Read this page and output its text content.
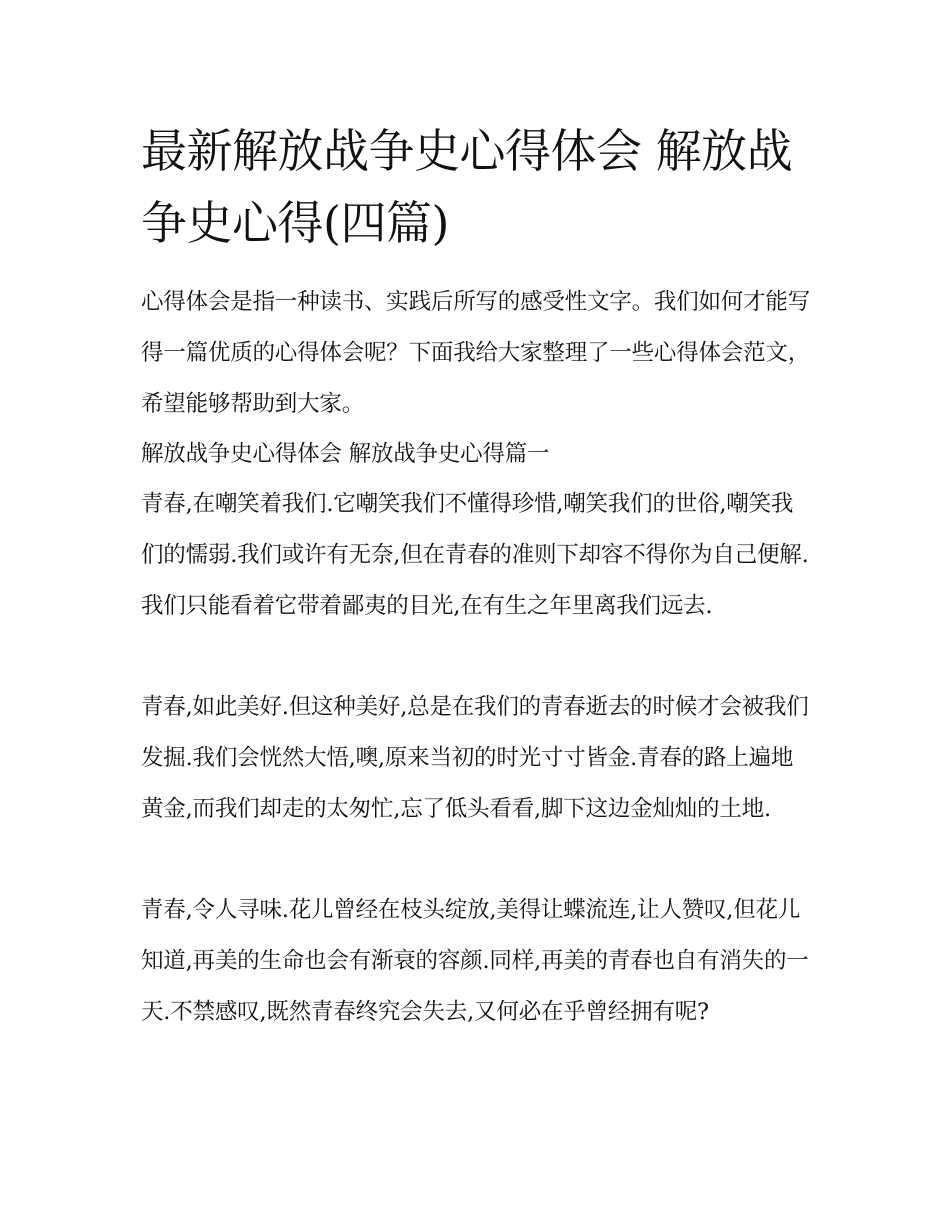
最新解放战争史心得体会 解放战争史心得(四篇)

心得体会是指一种读书、实践后所写的感受性文字。我们如何才能写得一篇优质的心得体会呢？下面我给大家整理了一些心得体会范文，希望能够帮助到大家。

解放战争史心得体会 解放战争史心得篇一

青春,在嘲笑着我们.它嘲笑我们不懂得珍惜,嘲笑我们的世俗,嘲笑我们的懦弱.我们或许有无奈,但在青春的准则下却容不得你为自己便解.我们只能看着它带着鄙夷的目光,在有生之年里离我们远去.

青春,如此美好.但这种美好,总是在我们的青春逝去的时候才会被我们发掘.我们会恍然大悟,噢,原来当初的时光寸寸皆金.青春的路上遍地黄金,而我们却走的太匆忙,忘了低头看看,脚下这边金灿灿的土地.

青春,令人寻味.花儿曾经在枝头绽放,美得让蝶流连,让人赞叹,但花儿知道,再美的生命也会有渐衰的容颜.同样,再美的青春也自有消失的一天.不禁感叹,既然青春终究会失去,又何必在乎曾经拥有呢?
